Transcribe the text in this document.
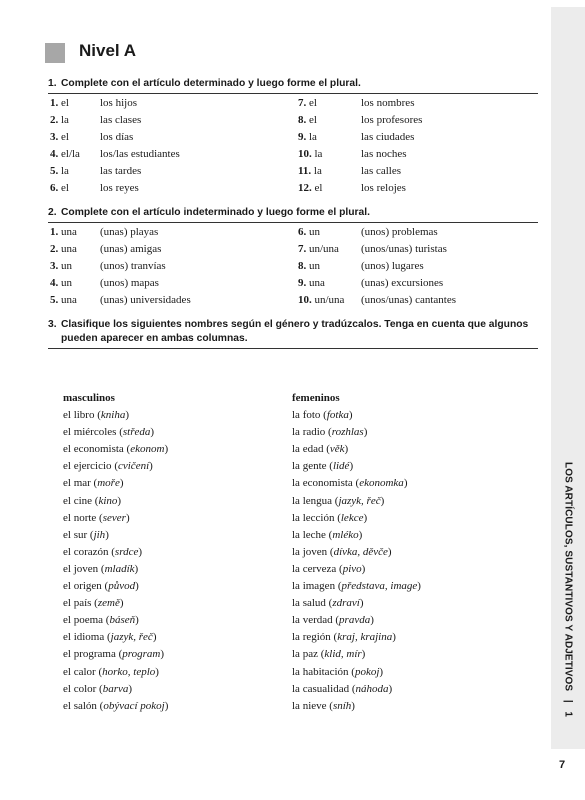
Nivel A
1. Complete con el artículo determinado y luego forme el plural.
1. el	los hijos
2. la	las clases
3. el	los días
4. el/la los/las estudiantes
5. la	las tardes
6. el	los reyes
7. el	los nombres
8. el	los profesores
9. la	las ciudades
10. la	las noches
11. la	las calles
12. el	los relojes
2. Complete con el artículo indeterminado y luego forme el plural.
1. una (unas) playas
2. una (unas) amigas
3. un	(unos) tranvías
4. un	(unos) mapas
5. una (unas) universidades
6. un	(unos) problemas
7. un/una (unos/unas) turistas
8. un	(unos) lugares
9. una	(unas) excursiones
10. un/una (unos/unas) cantantes
3. Clasifique los siguientes nombres según el género y tradúzcalos. Tenga en cuenta que algunos pueden aparecer en ambas columnas.
masculinos	femeninos
el libro (kniha)
el miércoles (středa)
el economista (ekonom)
el ejercicio (cvičení)
el mar (moře)
el cine (kino)
el norte (sever)
el sur (jih)
el corazón (srdce)
el joven (mladík)
el origen (původ)
el país (země)
el poema (báseň)
el idioma (jazyk, řeč)
el programa (program)
el calor (horko, teplo)
el color (barva)
el salón (obývací pokoj)
la foto (fotka)
la radio (rozhlas)
la edad (věk)
la gente (lidé)
la economista (ekonomka)
la lengua (jazyk, řeč)
la lección (lekce)
la leche (mléko)
la joven (dívka, děvče)
la cerveza (pivo)
la imagen (představa, image)
la salud (zdraví)
la verdad (pravda)
la región (kraj, krajina)
la paz (klid, mír)
la habitación (pokoj)
la casualidad (náhoda)
la nieve (sníh)
LOS ARTÍCULOS, SUSTANTIVOS Y ADJETIVOS   |   1
7
